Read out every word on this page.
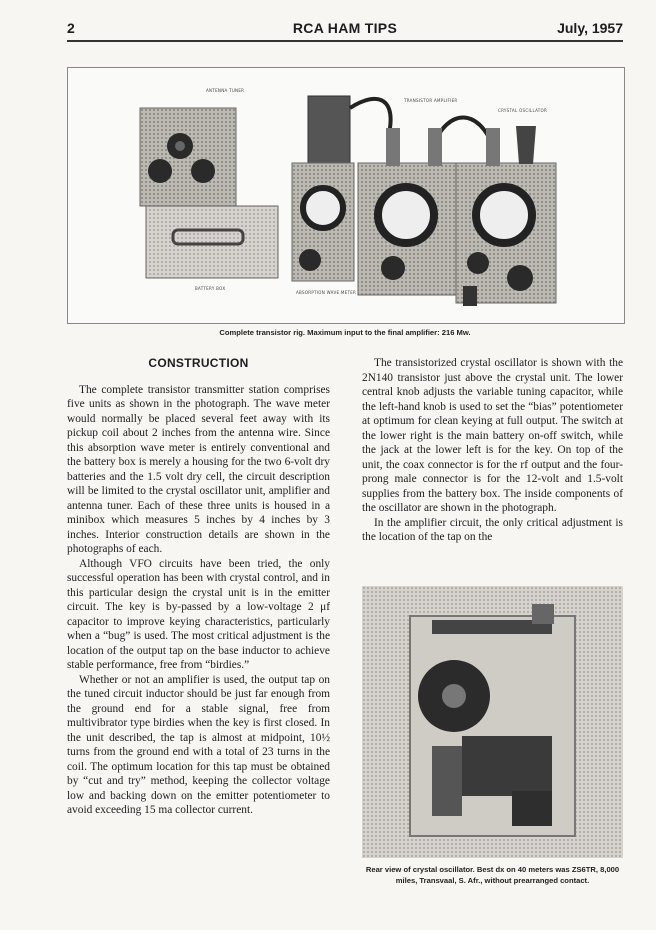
2	RCA HAM TIPS	July, 1957
ANTENNA TUNER
TRANSISTOR AMPLIFIER
CRYSTAL OSCILLATOR
BATTERY BOX
ABSORPTION WAVE METER
Complete transistor rig. Maximum input to the final amplifier: 216 Mw.
CONSTRUCTION

The complete transistor transmitter station comprises five units as shown in the photograph. The wave meter would normally be placed several feet away with its pickup coil about 2 inches from the antenna wire. Since this absorption wave meter is entirely conventional and the battery box is merely a housing for the two 6-volt dry batteries and the 1.5 volt dry cell, the circuit description will be limited to the crystal oscillator unit, amplifier and antenna tuner. Each of these three units is housed in a minibox which measures 5 inches by 4 inches by 3 inches. Interior construction details are shown in the photographs of each.

Although VFO circuits have been tried, the only successful operation has been with crystal control, and in this particular design the crystal unit is in the emitter circuit. The key is by-passed by a low-voltage 2 μf capacitor to improve keying characteristics, particularly when a “bug” is used. The most critical adjustment is the location of the output tap on the base inductor to achieve stable performance, free from “birdies.”

Whether or not an amplifier is used, the output tap on the tuned circuit inductor should be just far enough from the ground end for a stable signal, free from multivibrator type birdies when the key is first closed. In the unit described, the tap is almost at midpoint, 10½ turns from the ground end with a total of 23 turns in the coil. The optimum location for this tap must be obtained by “cut and try” method, keeping the collector voltage low and backing down on the emitter potentiometer to avoid exceeding 15 ma collector current.

The transistorized crystal oscillator is shown with the 2N140 transistor just above the crystal unit. The lower central knob adjusts the variable tuning capacitor, while the left-hand knob is used to set the “bias” potentiometer at optimum for clean keying at full output. The switch at the lower right is the main battery on-off switch, while the jack at the lower left is for the key. On top of the unit, the coax connector is for the rf output and the four-prong male connector is for the 12-volt and 1.5-volt supplies from the battery box. The inside components of the oscillator are shown in the photograph.

In the amplifier circuit, the only critical adjustment is the location of the tap on the

Rear view of crystal oscillator. Best dx on 40 meters was ZS6TR, 8,000 miles, Transvaal, S. Afr., without prearranged contact.
